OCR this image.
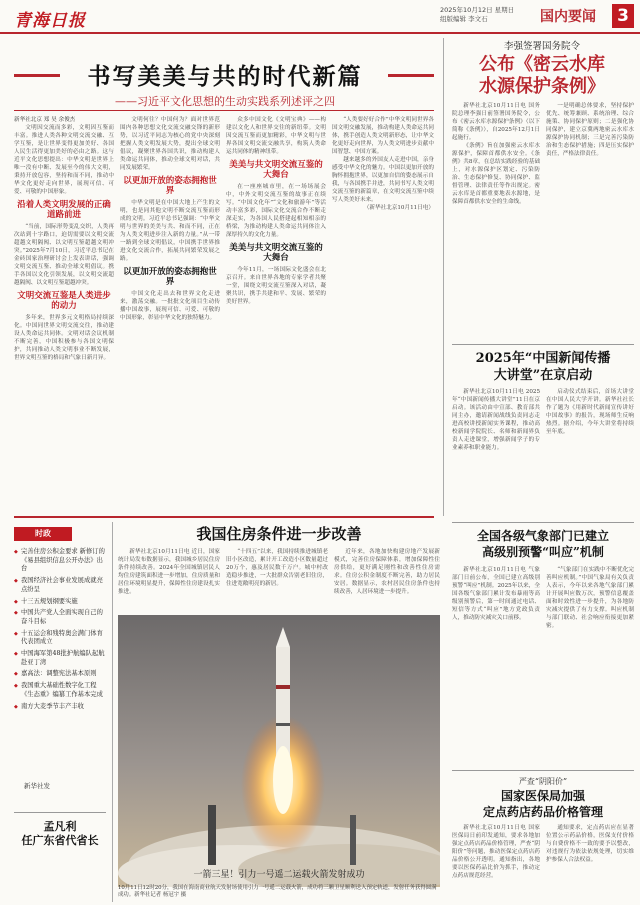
青海日报
2025年10月12日 星期日
组版编辑 李文石	国内要闻 3
书写美美与共的时代新篇
——习近平文化思想的生动实践系列述评之四
新华社北京 郑 昊 余俊杰

文明因交流而多彩，文明因互鉴而丰富。推进人类各种文明交流交融、互学互鉴，是让世界变得更加美好、各国人民生活得更加美好的必由之路。这与近平文化思想提出：中华文明是世界上唯一没有中断、发展至今的伟大文明，秉持开放包容，坚持和而不同，推动中华文化更好走向世界，展现可信、可爱、可敬的中国形象。

沿着人类文明发展的正确道路前进

“当前，国际形势变乱交织，人类再次站到十字路口，迫切需要以文明交流超越文明隔阂、以文明互鉴超越文明冲突。”2025年7月10日，习近平总书记在金砖国家治理研讨会上发表讲话，强调文明交流互鉴、推动全球文明倡议。携手各国以文化引领发展，以文明交流超越隔阂、以文明互鉴超越冲突。

文明交流互鉴是人类进步的动力

多年来，世界多元文明格局持续深化。中国同世界文明交流交往，推动建设人类命运共同体。文明对话会议机制不断完善，中国积极参与各国文明保护，共同推动人类文明事业不断发展，世界文明互鉴的格局和气象日新月异。

文明何往？中国何为？面对世界范围内各种思想文化交流交融交锋的新形势，以习近平同志为核心的党中央深刻把握人类文明发展大势，提出全球文明倡议，凝聚世界各国共识，推动构建人类命运共同体，推动全球文明对话，共同发展繁荣。

以更加开放的姿态拥抱世界

中华文明是在中国大地上产生的文明，也是同其他文明不断交流互鉴而形成的文明。习近平总书记强调：“中华文明与世界的美美与共、和而不同，正在为人类文明进步注入新的力量。”从一带一路到全球文明倡议，中国携手世界推进文化交流合作，拓展共同繁荣发展之路。

以更加开放的姿态拥抱世界

中国文化走出去和世界文化走进来，激荡交融。一批批文化项目生动传播中国故事，展现可信、可爱、可敬的中国形象，彰显中华文化的独特魅力。

众多中国文化《文明宝典》——构建以文化人和世界交往的新纽带。文明因交流互鉴而更加精彩，中华文明与世界各国文明交流交融共享，构筑人类命运共同体的精神纽带。

美美与共文明交流互鉴的大舞台

在一座座城市里，在一场场展会中，中外文明交流互鉴的故事正在续写。“中国文化年”“文化和旅游年”等活动丰富多彩，国际文化交流合作不断走深走实，为各国人民搭建起相知相亲的桥梁，为推动构建人类命运共同体注入深厚持久的文化力量。

美美与共文明交流互鉴的大舞台

今年11月，一场国际文化盛会在北京召开。来自世界各地的专家学者共聚一堂，围绕文明交流互鉴深入对话，凝聚共识，携手共建和平、发展、繁荣的美好世界。

“人类要好好合作”中华文明同世界各国文明交融发展，推动构建人类命运共同体，携手创造人类文明新形态，让中华文化更好走向世界，为人类文明进步贡献中国智慧、中国方案。

越来越多的外国友人走进中国，亲身感受中华文化的魅力。中国以更加开放的胸怀拥抱世界，以更加自信的姿态展示自我，与各国携手并进，共同书写人类文明交流互鉴的新篇章，在文明交流互鉴中续写人类美好未来。

（新华社北京10月11日电）

李强签署国务院令
公布《密云水库
水源保护条例》

新华社北京10月11日电 国务院总理李强日前签署国务院令，公布《密云水库水源保护条例》（以下简称《条例》），自2025年12月1日起施行。

《条例》旨在加强密云水库水源保护，保障首都供水安全。《条例》共8章，在总结实践经验的基础上，对水源保护区划定、污染防治、生态保护修复、协同保护、监督管理、法律责任等作出规定。密云水库是首都重要地表水源地，是保障首都供水安全的生命线。

一是明确总体要求，坚持保护优先、统筹兼顾、系统治理、综合施策、协同保护原则；二是强化协同保护，建立京冀两地密云水库水源保护协同机制；三是完善污染防治和生态保护措施；四是压实保护责任，严格法律责任。

2025年“中国新闻传播
大讲堂”在京启动

新华社北京10月11日电 2025年“中国新闻传播大讲堂”11日在京启动。该活动由中宣部、教育部共同主办，邀请新闻战线负责同志走进高校讲授新闻实务课程，推动高校新闻学院院长、名师和新闻界负责人走进课堂，增强新闻学子的专业素养和职业能力。

启动仪式结束后，首场大讲堂在中国人民大学开讲。新华社社长作了题为《用新时代新闻宣传讲好中国故事》的报告，现场师生反响热烈。据介绍，今年大讲堂将持续至年底。

全国各级气象部门已建立
高级别预警“叫应”机制

新华社北京10月11日电 气象部门日前公布，全国已建立高级别预警“叫应”机制。2025年以来，全国各级气象部门累计发布暴雨等高级别预警后，第一时间通过电话、短信等方式“叫应”地方党政负责人，推动防灾减灾关口前移。

“气象部门在实践中不断优化完善叫应机制。”中国气象局有关负责人表示，今年以来各地气象部门累计开展叫应数万次，预警信息覆盖面和时效性进一步提升，为各地防灾减灾提供了有力支撑。叫应机制与部门联动、社会响应衔接更加紧密。

严查“阴阳价”
国家医保局加强
定点药店药品价格管理

新华社北京10月11日电 国家医保局日前印发通知，要求各地加强定点药店药品价格管理，严查“阴阳价”等问题，推动医保定点药店药品价格公开透明。通知指出，各地要以医保药品比价为抓手，推动定点药店规范经营。

通知要求，定点药店应在显著位置公示药品价格，医保支付价格与自费价格不一致的要予以整改，对违规行为依法依规处理，切实维护参保人合法权益。

我国住房条件进一步改善

新华社北京10月11日电 近日，国家统计局发布数据显示，我国城乡居民住房条件持续改善。2024年全国城镇居民人均住房建筑面积进一步增加，住房质量和居住环境明显提升，保障性住房建设扎实推进。

“十四五”以来，我国持续推进城镇老旧小区改造，累计开工改造小区数量超过20万个，惠及居民数千万户。城中村改造稳步推进，一大批群众告别老旧住房，住进宽敞明亮的新居。

近年来，各地加快构建房地产发展新模式，完善住房保障体系，增加保障性住房供给，更好满足刚性和改善性住房需求。住房公积金制度不断完善，助力居民安居。数据显示，农村居民住房条件也持续改善，人居环境进一步提升。

时政
◆ 完善住房公积金要求 新修订的《易县组织信息公开办法》出台
◆ 我国经济社会事业发展成就亮点纷呈
◆ 十三五规划纲要实施
◆ 中国共产党人全面实现自己的奋斗目标
◆ 十五运会和残特奥会满门体育代表团成立
◆ 中国海军第48批护航编队起航赴亚丁湾
◆ 嘉高法：调整宪法基本原则
◆ 我国重大基础性数字化工程《生态重》编纂工作基本完成
◆ 南方大麦季节丰产丰收
新华社发
孟凡利
任广东省代省长
一箭三星！引力一号遥二运载火箭发射成功
10月11日12时20分，我国在海南商业航天发射场使用引力一号遥二运载火箭，成功将三颗卫星顺利送入预定轨道，发射任务获得圆满成功。新华社记者 杨冠宇 摄
